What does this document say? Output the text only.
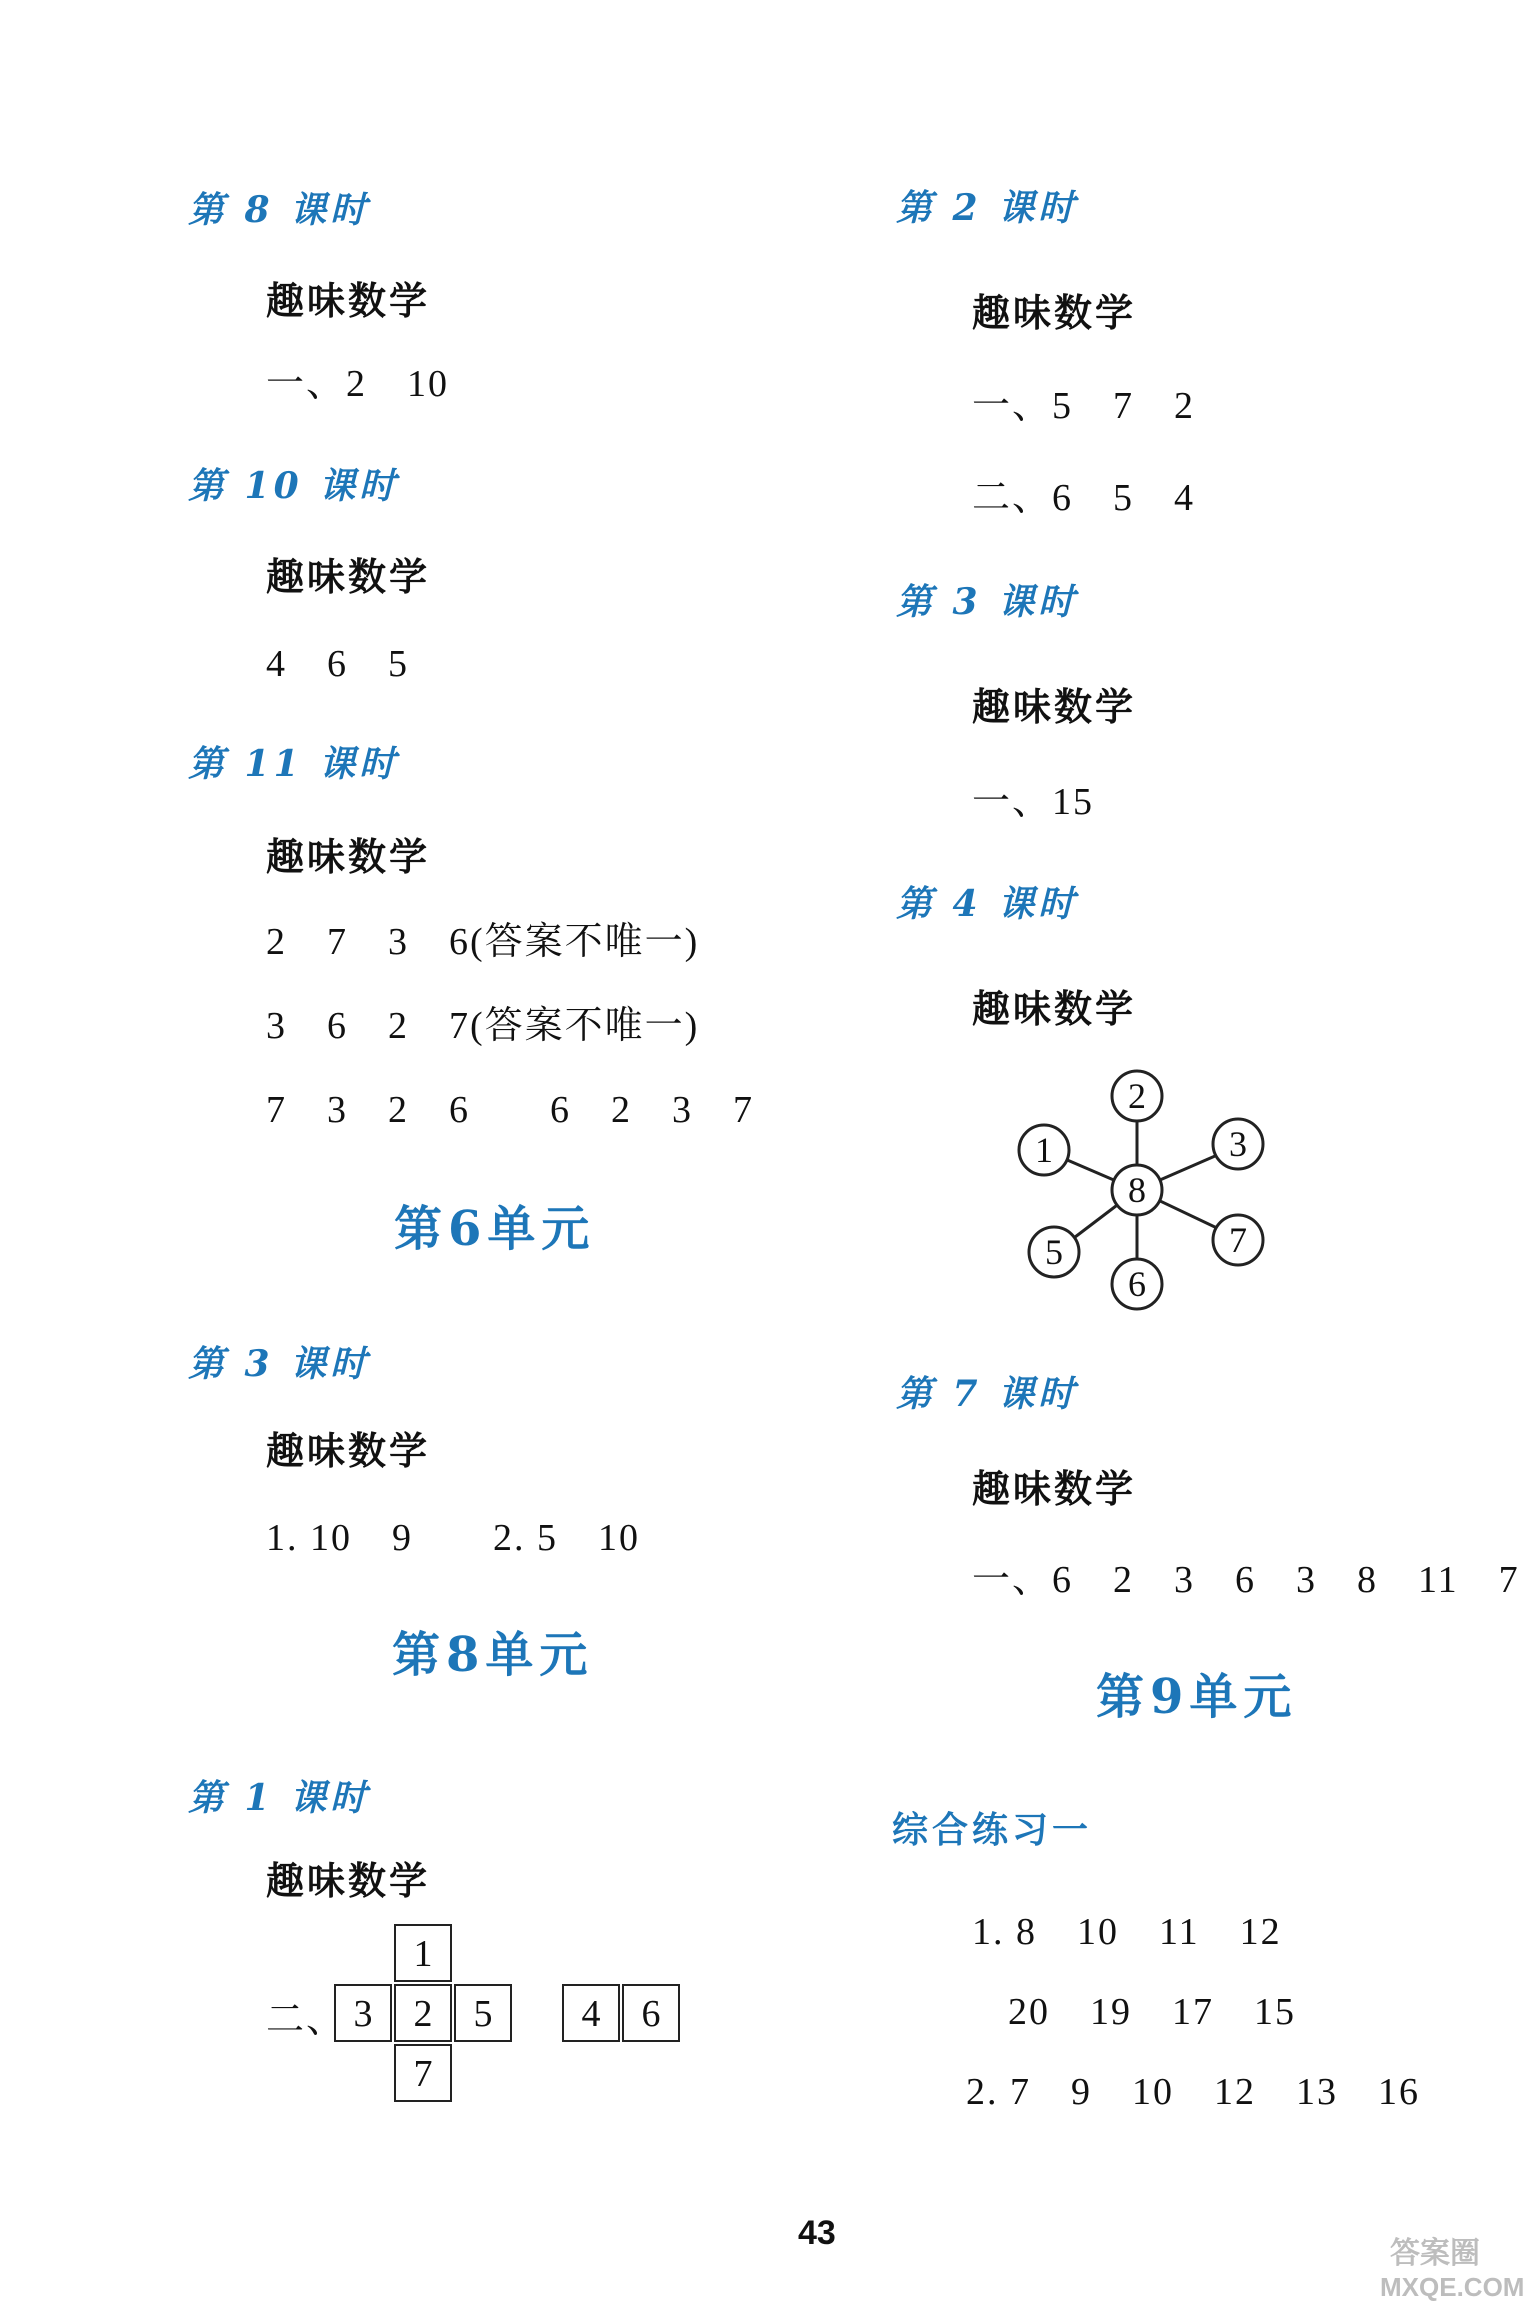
第 8 课时
趣味数学
一、2　10
第 10 课时
趣味数学
4　6　5
第 11 课时
趣味数学
2　7　3　6(答案不唯一)
3　6　2　7(答案不唯一)
7　3　2　6　　6　2　3　7
第6单元
第 3 课时
趣味数学
1. 10　9　　2. 5　10
第8单元
第 1 课时
趣味数学
二、
1
3	2	5
7
4	6
第 2 课时
趣味数学
一、5　7　2
二、6　5　4
第 3 课时
趣味数学
一、15
第 4 课时
趣味数学
8
2
1	3
5	7
6
第 7 课时
趣味数学
一、6　2　3　6　3　8　11　7
第9单元
综合练习一
1. 8　10　11　12
20　19　17　15
2. 7　9　10　12　13　16
43
答案圈
MXQE.COM
